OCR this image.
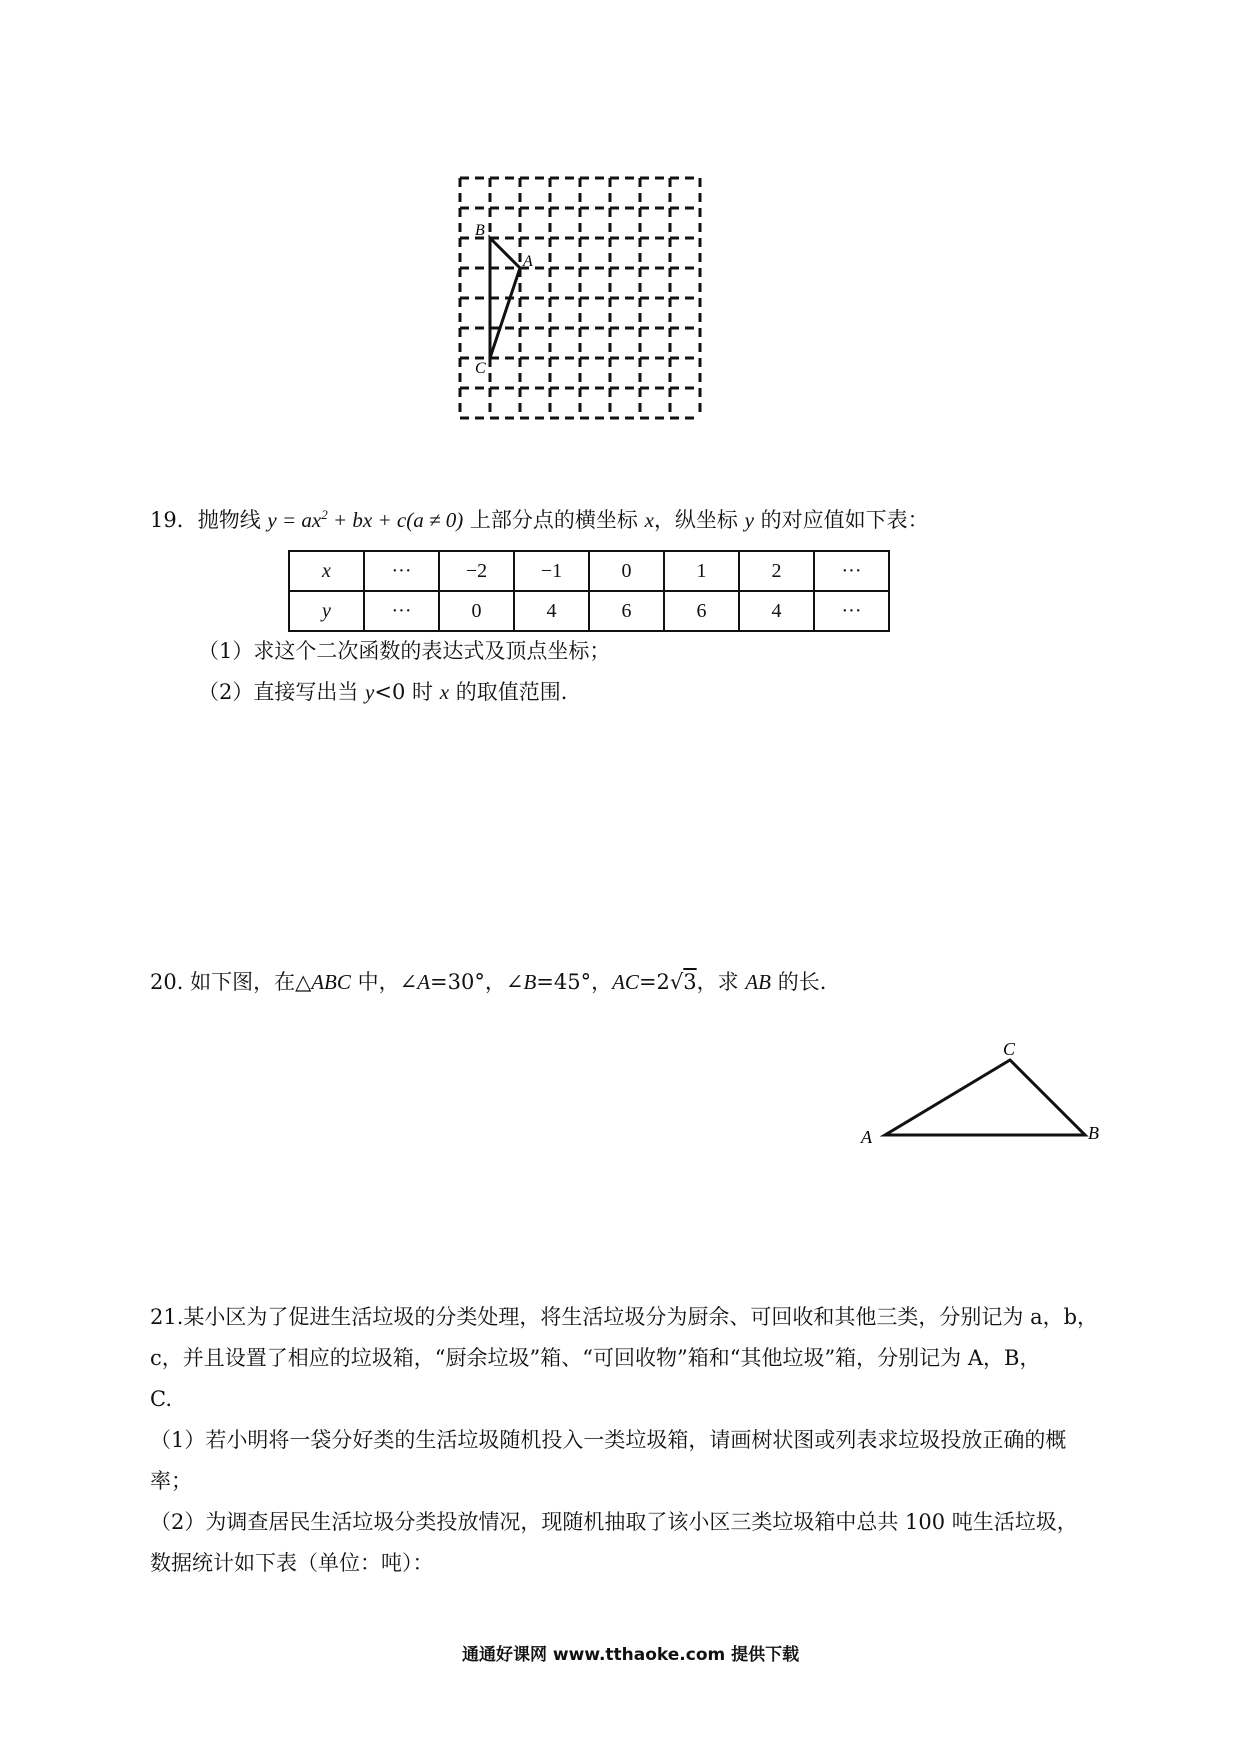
B
A
C
19．抛物线 $y = ax^2$ + bx + c(a ≠ 0) 上部分点的横坐标 x，纵坐标 y 的对应值如下表：
x	···	−2	−1	0	1	2	···
y	···	0	4	6	6	4	···
（1）求这个二次函数的表达式及顶点坐标；
（2）直接写出当 y<0 时 x 的取值范围.
20. 如下图，在△ABC 中，∠A=30°，∠B=45°，AC=2√3，求 AB 的长.
A	B
C
21.某小区为了促进生活垃圾的分类处理，将生活垃圾分为厨余、可回收和其他三类，分别记为 a，b，
c，并且设置了相应的垃圾箱，“厨余垃圾”箱、“可回收物”箱和“其他垃圾”箱，分别记为 A，B，
C.
（1）若小明将一袋分好类的生活垃圾随机投入一类垃圾箱，请画树状图或列表求垃圾投放正确的概
率；
（2）为调查居民生活垃圾分类投放情况，现随机抽取了该小区三类垃圾箱中总共 100 吨生活垃圾，
数据统计如下表（单位：吨）：
通通好课网 www.tthaoke.com 提供下载
